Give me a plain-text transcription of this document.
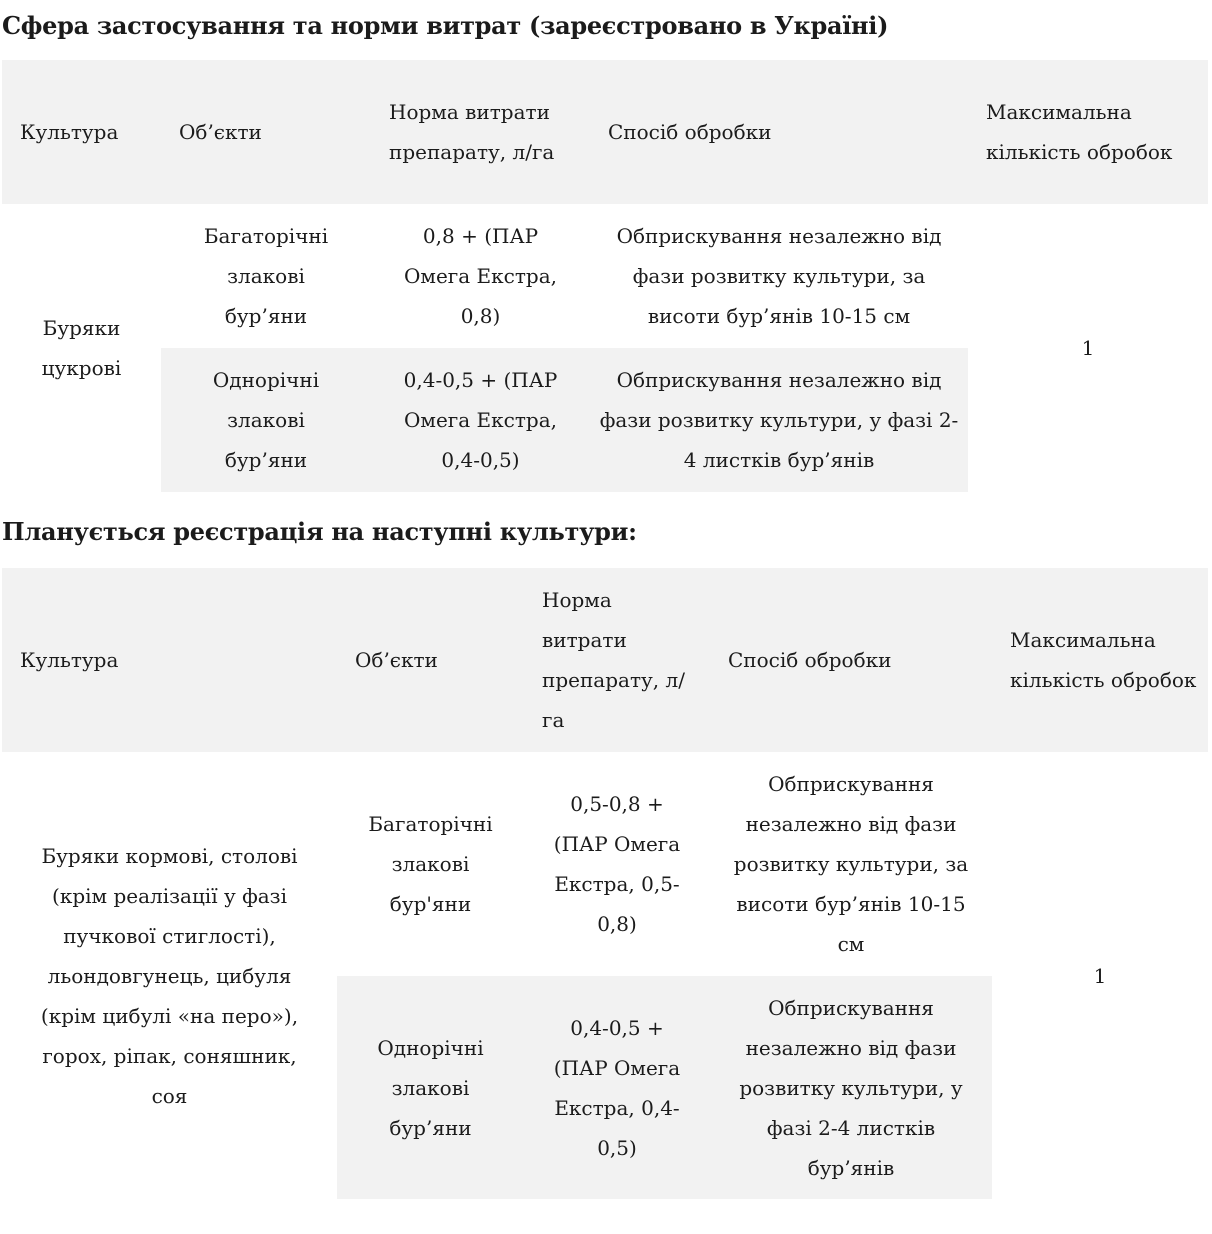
Сфера застосування та норми витрат (зареєстровано в Україні)
Культура	Об’єкти	Норма витрати препарату, л/га	Спосіб обробки	Максимальна кількість обробок
Буряки цукрові	Багаторічні злакові бур’яни	0,8 + (ПАР Омега Екстра, 0,8)	Обприскування незалежно від фази розвитку культури, за висоти бур’янів 10-15 см	1
	Однорічні злакові бур’яни	0,4-0,5 + (ПАР Омега Екстра, 0,4-0,5)	Обприскування незалежно від фази розвитку культури, у фазі 2-4 листків бур’янів	
Планується реєстрація на наступні культури:
Культура	Об’єкти	Норма витрати препарату, л/га	Спосіб обробки	Максимальна кількість обробок
Буряки кормові, столові (крім реалізації у фазі пучкової стиглості), льондовгунець, цибуля (крім цибулі «на перо»), горох, ріпак, соняшник, соя	Багаторічні злакові бур'яни	0,5-0,8 + (ПАР Омега Екстра, 0,5-0,8)	Обприскування незалежно від фази розвитку культури, за висоти бур’янів 10-15 см	1
	Однорічні злакові бур’яни	0,4-0,5 + (ПАР Омега Екстра, 0,4-0,5)	Обприскування незалежно від фази розвитку культури, у фазі 2-4 листків бур’янів	
